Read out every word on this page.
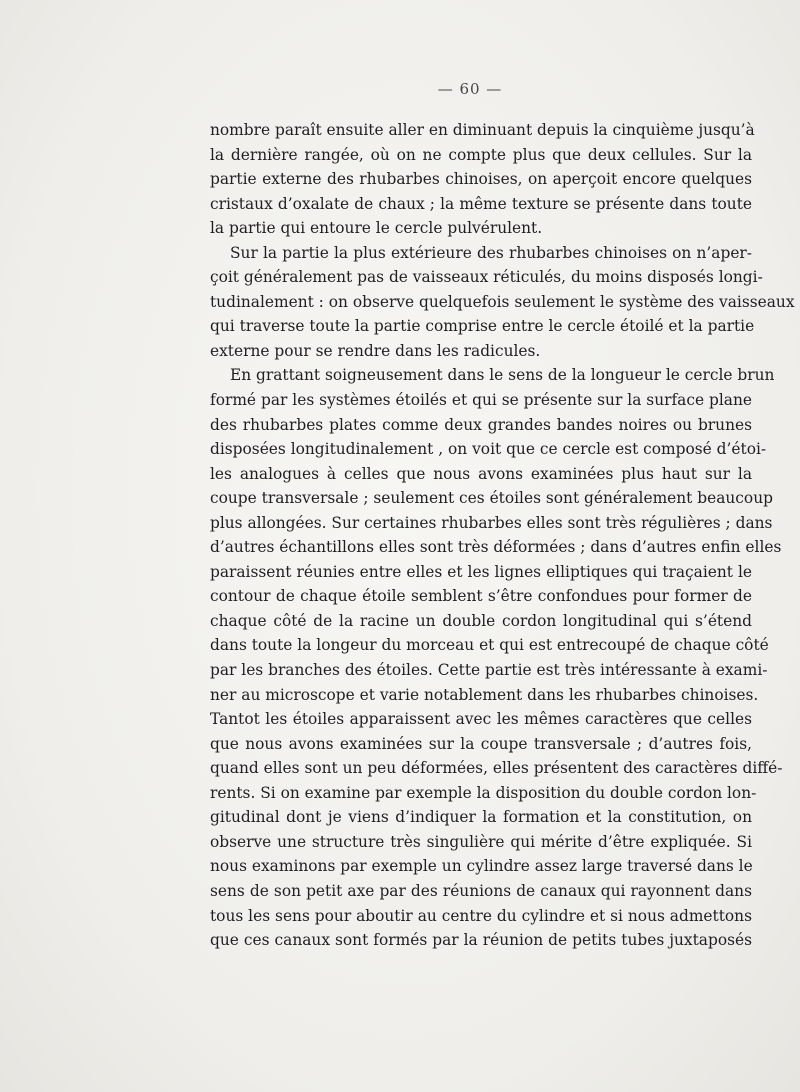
— 60 —
nombre paraît ensuite aller en diminuant depuis la cinquième jusqu’à
la dernière rangée, où on ne compte plus que deux cellules. Sur la
partie externe des rhubarbes chinoises, on aperçoit encore quelques
cristaux d’oxalate de chaux ; la même texture se présente dans toute
la partie qui entoure le cercle pulvérulent.
Sur la partie la plus extérieure des rhubarbes chinoises on n’aper-
çoit généralement pas de vaisseaux réticulés, du moins disposés longi-
tudinalement : on observe quelquefois seulement le système des vaisseaux
qui traverse toute la partie comprise entre le cercle étoilé et la partie
externe pour se rendre dans les radicules.
En grattant soigneusement dans le sens de la longueur le cercle brun
formé par les systèmes étoilés et qui se présente sur la surface plane
des rhubarbes plates comme deux grandes bandes noires ou brunes
disposées longitudinalement , on voit que ce cercle est composé d’étoi-
les analogues à celles que nous avons examinées plus haut sur la
coupe transversale ; seulement ces étoiles sont généralement beaucoup
plus allongées. Sur certaines rhubarbes elles sont très régulières ; dans
d’autres échantillons elles sont très déformées ; dans d’autres enfin elles
paraissent réunies entre elles et les lignes elliptiques qui traçaient le
contour de chaque étoile semblent s’être confondues pour former de
chaque côté de la racine un double cordon longitudinal qui s’étend
dans toute la longeur du morceau et qui est entrecoupé de chaque côté
par les branches des étoiles. Cette partie est très intéressante à exami-
ner au microscope et varie notablement dans les rhubarbes chinoises.
Tantot les étoiles apparaissent avec les mêmes caractères que celles
que nous avons examinées sur la coupe transversale ; d’autres fois,
quand elles sont un peu déformées, elles présentent des caractères diffé-
rents. Si on examine par exemple la disposition du double cordon lon-
gitudinal dont je viens d’indiquer la formation et la constitution, on
observe une structure très singulière qui mérite d’être expliquée. Si
nous examinons par exemple un cylindre assez large traversé dans le
sens de son petit axe par des réunions de canaux qui rayonnent dans
tous les sens pour aboutir au centre du cylindre et si nous admettons
que ces canaux sont formés par la réunion de petits tubes juxtaposés
